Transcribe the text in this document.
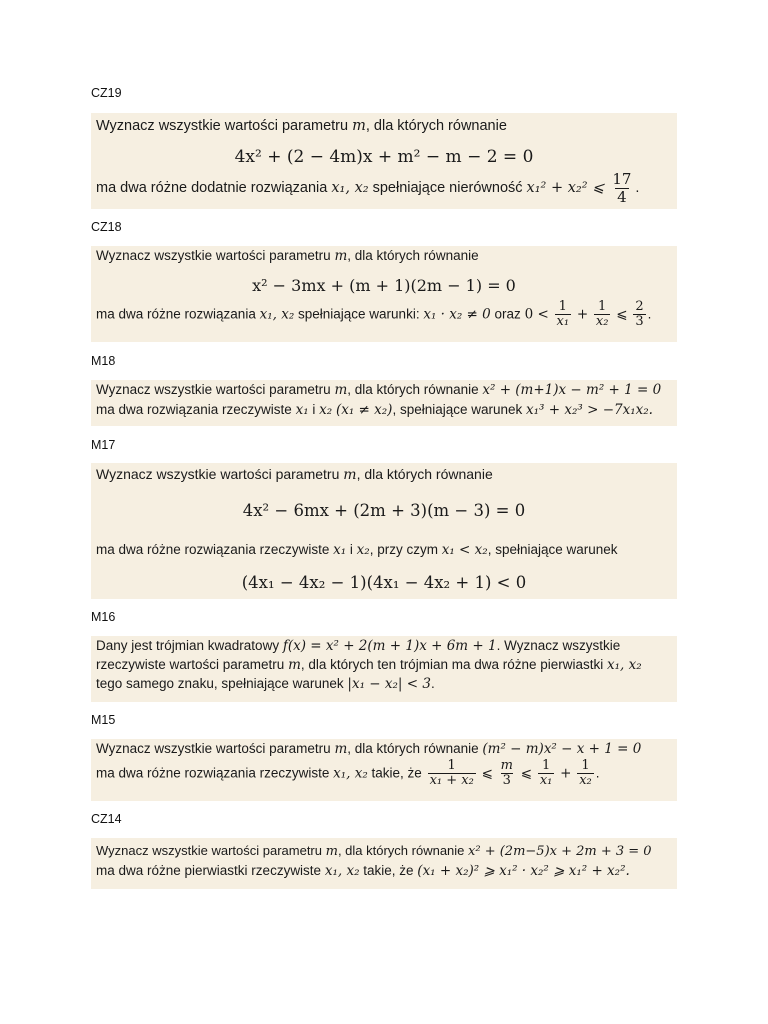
CZ19
Wyznacz wszystkie wartości parametru m, dla których równanie
4x² + (2 − 4m)x + m² − m − 2 = 0
ma dwa różne dodatnie rozwiązania x₁, x₂ spełniające nierówność x₁² + x₂² ⩽ $\frac{17}{4}$ .
CZ18
Wyznacz wszystkie wartości parametru m, dla których równanie
x² − 3mx + (m + 1)(2m − 1) = 0
ma dwa różne rozwiązania x₁, x₂ spełniające warunki: x₁ · x₂ ≠ 0 oraz $0 < \frac{1}{\text{x₁}} + \frac{1}{\text{x₂}}$ ⩽ $\frac{2}{3}$ .
M18
Wyznacz wszystkie wartości parametru m, dla których równanie x² + (m+1)x − m² + 1 = 0
ma dwa rozwiązania rzeczywiste x₁ i x₂ (x₁ ≠ x₂), spełniające warunek x₁³ + x₂³ > −7x₁x₂.
M17
Wyznacz wszystkie wartości parametru m, dla których równanie
4x² − 6mx + (2m + 3)(m − 3) = 0
ma dwa różne rozwiązania rzeczywiste x₁ i x₂, przy czym x₁ < x₂, spełniające warunek
(4x₁ − 4x₂ − 1)(4x₁ − 4x₂ + 1) < 0
M16
Dany jest trójmian kwadratowy f(x) = x² + 2(m + 1)x + 6m + 1. Wyznacz wszystkie
rzeczywiste wartości parametru m, dla których ten trójmian ma dwa różne pierwiastki x₁, x₂
tego samego znaku, spełniające warunek |x₁ − x₂| < 3.
M15
Wyznacz wszystkie wartości parametru m, dla których równanie (m² − m)x² − x + 1 = 0
ma dwa różne rozwiązania rzeczywiste x₁, x₂ takie, że $\frac{1}{\text{x₁ + x₂}}$ ⩽ $\frac{m}{3}$ ⩽ $\frac{1}{\text{x₁}} + \frac{1}{\text{x₂}}$ .
CZ14
Wyznacz wszystkie wartości parametru m, dla których równanie x² + (2m−5)x + 2m + 3 = 0
ma dwa różne pierwiastki rzeczywiste x₁, x₂ takie, że (x₁ + x₂)² ⩾ x₁² · x₂² ⩾ x₁² + x₂².
